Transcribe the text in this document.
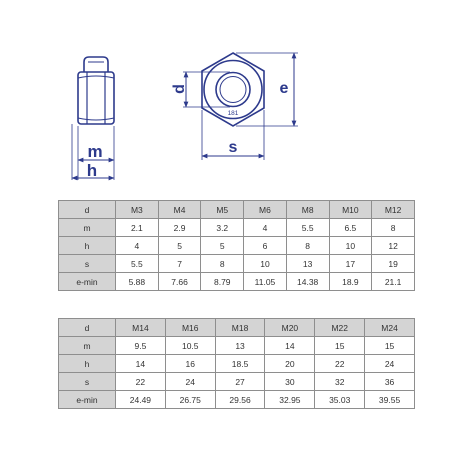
m
h
d	e
s
181
d	M3	M4	M5	M6	M8	M10	M12
m	2.1	2.9	3.2	4	5.5	6.5	8
h	4	5	5	6	8	10	12
s	5.5	7	8	10	13	17	19
e-min	5.88	7.66	8.79	11.05	14.38	18.9	21.1
d	M14	M16	M18	M20	M22	M24
m	9.5	10.5	13	14	15	15
h	14	16	18.5	20	22	24
s	22	24	27	30	32	36
e-min	24.49	26.75	29.56	32.95	35.03	39.55
